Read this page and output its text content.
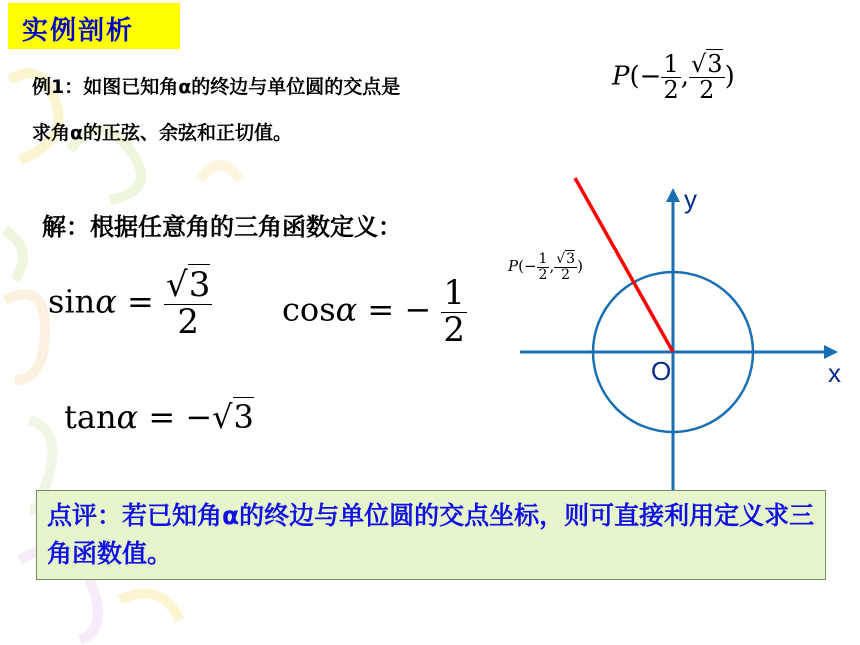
实例剖析
例1：如图已知角α的终边与单位圆的交点是	$P(- \frac{1}{2}$ , $\frac{√3}{2}$ )
求角α的正弦、余弦和正切值。
解：根据任意角的三角函数定义：
$\sin\alpha = \frac{√3}{2}$ cosα = − $\frac{1}{2}$
tanα = −√3
y
x
O
$P(- \frac{1}{2}$ , $\frac{√3}{2}$ )
点评：若已知角α的终边与单位圆的交点坐标，则可直接利用定义求三角函数值。
